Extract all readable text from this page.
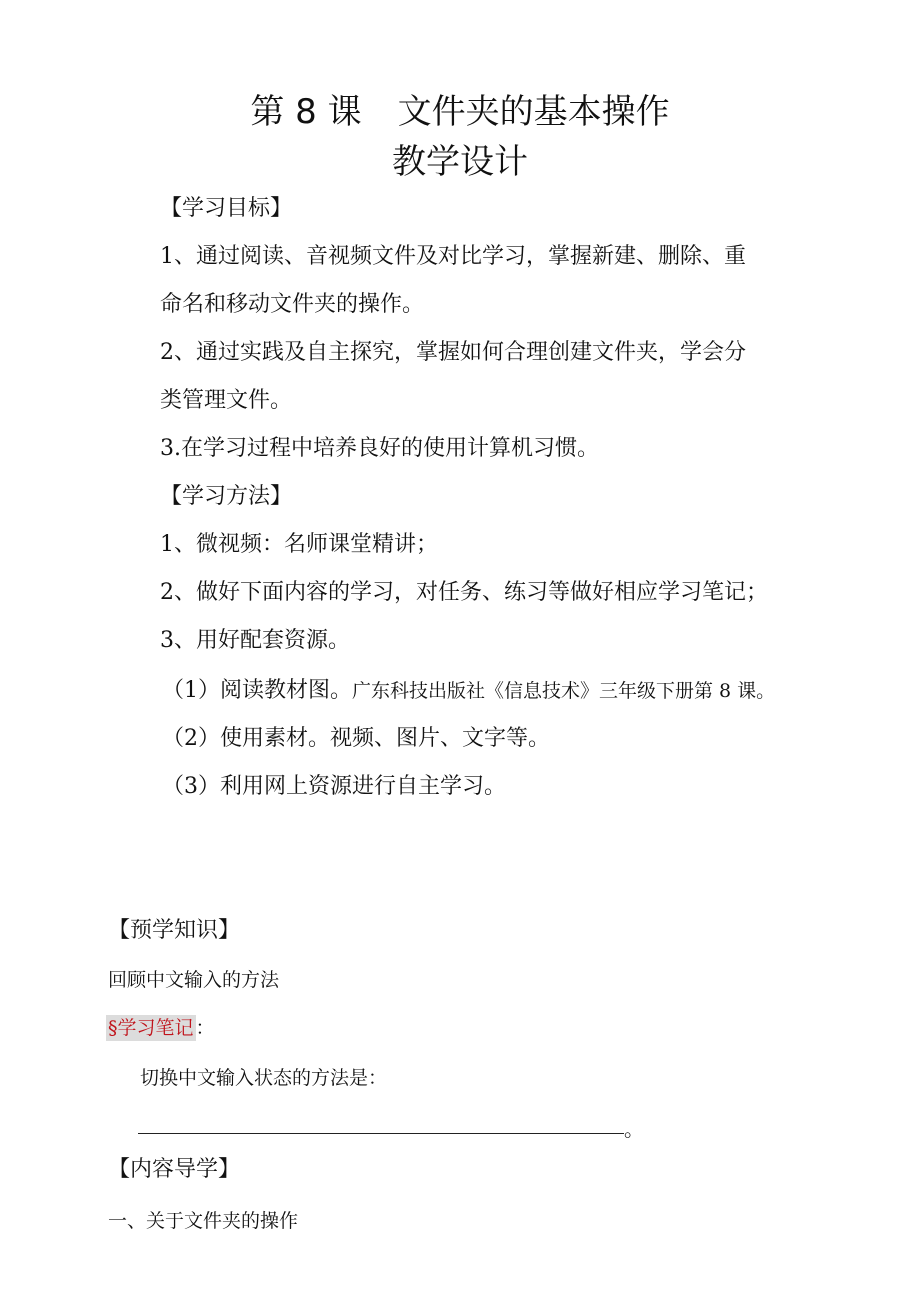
第 8 课 文件夹的基本操作
教学设计
【学习目标】
1、通过阅读、音视频文件及对比学习，掌握新建、删除、重
命名和移动文件夹的操作。
2、通过实践及自主探究，掌握如何合理创建文件夹，学会分
类管理文件。
3.在学习过程中培养良好的使用计算机习惯。
【学习方法】
1、微视频：名师课堂精讲；
2、做好下面内容的学习，对任务、练习等做好相应学习笔记；
3、用好配套资源。
（1）阅读教材图。广东科技出版社《信息技术》三年级下册第 8 课。
（2）使用素材。视频、图片、文字等。
（3）利用网上资源进行自主学习。
【预学知识】
回顾中文输入的方法
§学习笔记 ：
切换中文输入状态的方法是：
。
【内容导学】
一、关于文件夹的操作
